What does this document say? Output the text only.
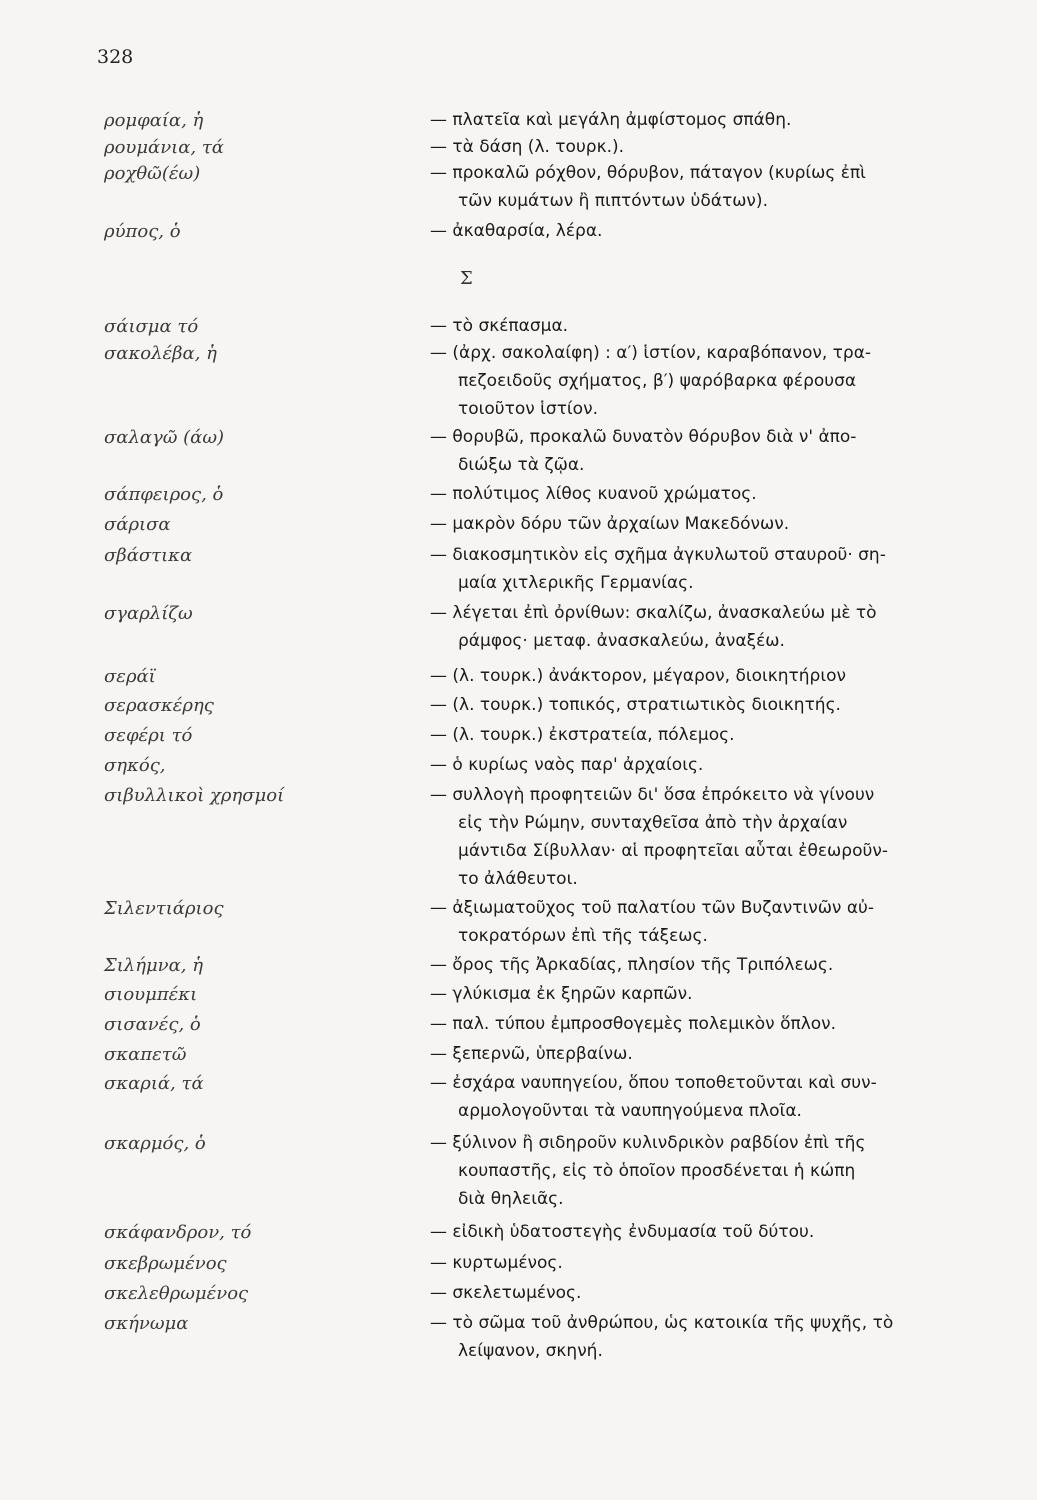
328
Σ
ρομφαία, ἡ	— πλατεῖα καὶ μεγάλη ἀμφίστομος σπάθη.
ρουμάνια, τά	— τὰ δάση (λ. τουρκ.).
ροχθῶ(έω)	— προκαλῶ ρόχθον, θόρυβον, πάταγον (κυρίως ἐπὶ
τῶν κυμάτων ἢ πιπτόντων ὑδάτων).
ρύπος, ὁ	— ἀκαθαρσία, λέρα.
σάισμα τό	— τὸ σκέπασμα.
σακολέβα, ἡ	— (ἀρχ. σακολαίφη) : α′) ἱστίον, καραβόπανον, τρα-
πεζοειδοῦς σχήματος, β′) ψαρόβαρκα φέρουσα
τοιοῦτον ἱστίον.
σαλαγῶ (άω)	— θορυβῶ, προκαλῶ δυνατὸν θόρυβον διὰ ν' ἀπο-
διώξω τὰ ζῷα.
σάπφειρος, ὁ	— πολύτιμος λίθος κυανοῦ χρώματος.
σάρισα	— μακρὸν δόρυ τῶν ἀρχαίων Μακεδόνων.
σβάστικα	— διακοσμητικὸν εἰς σχῆμα ἀγκυλωτοῦ σταυροῦ· ση-
μαία χιτλερικῆς Γερμανίας.
σγαρλίζω	— λέγεται ἐπὶ ὀρνίθων: σκαλίζω, ἀνασκαλεύω μὲ τὸ
ράμφος· μεταφ. ἀνασκαλεύω, ἀναξέω.
σεράϊ	— (λ. τουρκ.) ἀνάκτορον, μέγαρον, διοικητήριον
σερασκέρης	— (λ. τουρκ.) τοπικός, στρατιωτικὸς διοικητής.
σεφέρι τό	— (λ. τουρκ.) ἐκστρατεία, πόλεμος.
σηκός,	— ὁ κυρίως ναὸς παρ' ἀρχαίοις.
σιβυλλικοὶ χρησμοί	— συλλογὴ προφητειῶν δι' ὅσα ἐπρόκειτο νὰ γίνουν
εἰς τὴν Ρώμην, συνταχθεῖσα ἀπὸ τὴν ἀρχαίαν
μάντιδα Σίβυλλαν· αἱ προφητεῖαι αὗται ἐθεωροῦν-
το ἀλάθευτοι.
Σιλεντιάριος	— ἀξιωματοῦχος τοῦ παλατίου τῶν Βυζαντινῶν αὐ-
τοκρατόρων ἐπὶ τῆς τάξεως.
Σιλήμνα, ἡ	— ὄρος τῆς Ἀρκαδίας, πλησίον τῆς Τριπόλεως.
σιουμπέκι	— γλύκισμα ἐκ ξηρῶν καρπῶν.
σισανές, ὁ	— παλ. τύπου ἐμπροσθογεμὲς πολεμικὸν ὅπλον.
σκαπετῶ	— ξεπερνῶ, ὑπερβαίνω.
σκαριά, τά	— ἐσχάρα ναυπηγείου, ὅπου τοποθετοῦνται καὶ συν-
αρμολογοῦνται τὰ ναυπηγούμενα πλοῖα.
σκαρμός, ὁ	— ξύλινον ἢ σιδηροῦν κυλινδρικὸν ραβδίον ἐπὶ τῆς
κουπαστῆς, εἰς τὸ ὁποῖον προσδένεται ἡ κώπη
διὰ θηλειᾶς.
σκάφανδρον, τό	— εἰδικὴ ὑδατοστεγὴς ἐνδυμασία τοῦ δύτου.
σκεβρωμένος	— κυρτωμένος.
σκελεθρωμένος	— σκελετωμένος.
σκήνωμα	— τὸ σῶμα τοῦ ἀνθρώπου, ὡς κατοικία τῆς ψυχῆς, τὸ
λείψανον, σκηνή.
